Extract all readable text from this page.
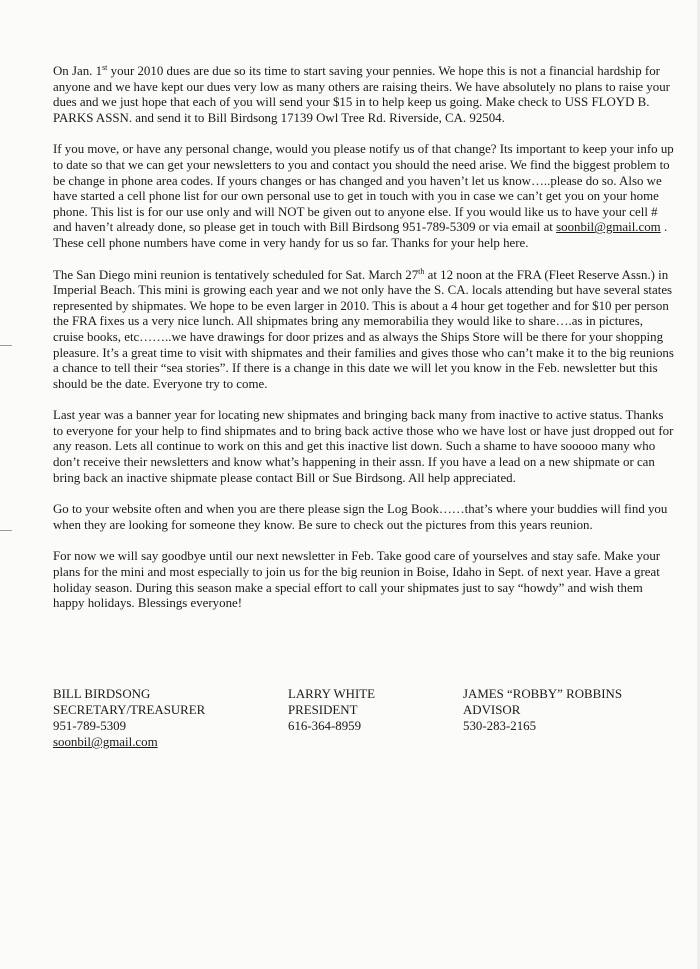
On Jan. 1st your 2010 dues are due so its time to start saving your pennies. We hope this is not a financial hardship for anyone and we have kept our dues very low as many others are raising theirs. We have absolutely no plans to raise your dues and we just hope that each of you will send your $15 in to help keep us going. Make check to USS FLOYD B. PARKS ASSN. and send it to Bill Birdsong 17139 Owl Tree Rd. Riverside, CA. 92504.

If you move, or have any personal change, would you please notify us of that change? Its important to keep your info up to date so that we can get your newsletters to you and contact you should the need arise. We find the biggest problem to be change in phone area codes. If yours changes or has changed and you haven’t let us know…..please do so. Also we have started a cell phone list for our own personal use to get in touch with you in case we can’t get you on your home phone. This list is for our use only and will NOT be given out to anyone else. If you would like us to have your cell # and haven’t already done, so please get in touch with Bill Birdsong 951-789-5309 or via email at soonbil@gmail.com . These cell phone numbers have come in very handy for us so far. Thanks for your help here.

The San Diego mini reunion is tentatively scheduled for Sat. March 27th at 12 noon at the FRA (Fleet Reserve Assn.) in Imperial Beach. This mini is growing each year and we not only have the S. CA. locals attending but have several states represented by shipmates. We hope to be even larger in 2010. This is about a 4 hour get together and for $10 per person the FRA fixes us a very nice lunch. All shipmates bring any memorabilia they would like to share….as in pictures, cruise books, etc……..we have drawings for door prizes and as always the Ships Store will be there for your shopping pleasure. It’s a great time to visit with shipmates and their families and gives those who can’t make it to the big reunions a chance to tell their “sea stories”. If there is a change in this date we will let you know in the Feb. newsletter but this should be the date. Everyone try to come.

Last year was a banner year for locating new shipmates and bringing back many from inactive to active status. Thanks to everyone for your help to find shipmates and to bring back active those who we have lost or have just dropped out for any reason. Lets all continue to work on this and get this inactive list down. Such a shame to have sooooo many who don’t receive their newsletters and know what’s happening in their assn. If you have a lead on a new shipmate or can bring back an inactive shipmate please contact Bill or Sue Birdsong. All help appreciated.

Go to your website often and when you are there please sign the Log Book……that’s where your buddies will find you when they are looking for someone they know. Be sure to check out the pictures from this years reunion.

For now we will say goodbye until our next newsletter in Feb. Take good care of yourselves and stay safe. Make your plans for the mini and most especially to join us for the big reunion in Boise, Idaho in Sept. of next year. Have a great holiday season. During this season make a special effort to call your shipmates just to say “howdy” and wish them happy holidays. Blessings everyone!

BILL BIRDSONG
SECRETARY/TREASURER
951-789-5309
soonbil@gmail.com
LARRY WHITE
PRESIDENT
616-364-8959
JAMES “ROBBY” ROBBINS
ADVISOR
530-283-2165
